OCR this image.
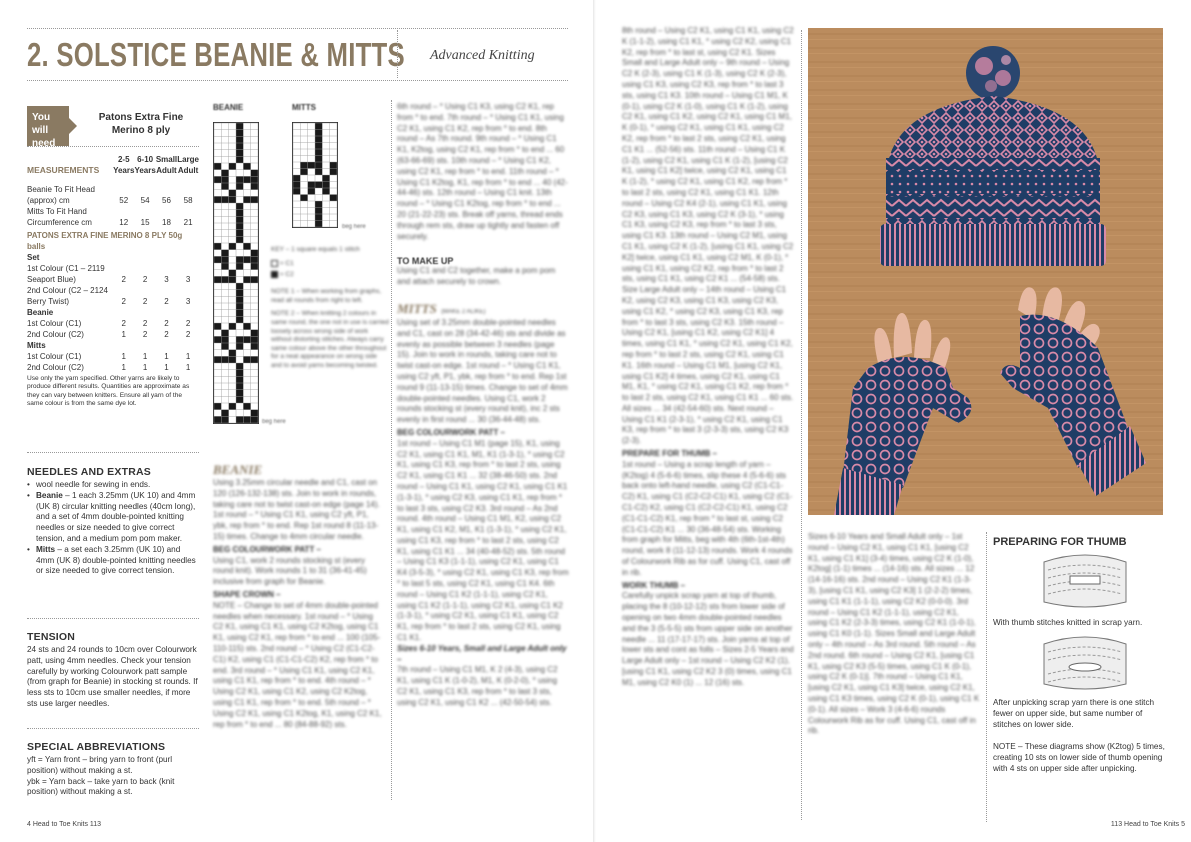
2. SOLSTICE BEANIE & MITTS Advanced Knitting
You will need
Patons Extra Fine Merino 8 ply
MEASUREMENTS	2-5 Years	6-10 Years	Small Adult	Large Adult

Beanie To Fit Head (approx) cm	52	54	56	58
Mitts To Fit Hand Circumference cm	12	15	18	21
PATONS EXTRA FINE MERINO 8 PLY 50g balls				
Set				
1st Colour (C1 – 2119 Seaport Blue)	2	2	3	3
2nd Colour (C2 – 2124 Berry Twist)	2	2	2	3
Beanie				
1st Colour (C1)	2	2	2	2
2nd Colour (C2)	1	2	2	2
Mitts				
1st Colour (C1)	1	1	1	1
2nd Colour (C2)	1	1	1	1
Use only the yarn specified. Other yarns are likely to produce different results. Quantities are approximate as they can vary between knitters. Ensure all yarn of the same colour is from the same dye lot.
NEEDLES AND EXTRAS
• wool needle for sewing in ends.
• Beanie – 1 each 3.25mm (UK 10) and 4mm (UK 8) circular knitting needles (40cm long), and a set of 4mm double-pointed knitting needles or size needed to give correct tension, and a medium pom pom maker.
• Mitts – a set each 3.25mm (UK 10) and 4mm (UK 8) double-pointed knitting needles or size needed to give correct tension.
TENSION
24 sts and 24 rounds to 10cm over Colourwork patt, using 4mm needles. Check your tension carefully by working Colourwork patt sample (from graph for Beanie) in stocking st rounds. If less sts to 10cm use smaller needles, if more sts use larger needles.
SPECIAL ABBREVIATIONS
yft = Yarn front – bring yarn to front (purl position) without making a st.
ybk = Yarn back – take yarn to back (knit position) without making a st.
BEANIE	MITTS
beg here
beg here
KEY – 1 square equals 1 stitch
= C1
= C2
NOTE 1 – When working from graphs, read all rounds from right to left.
NOTE 2 – When knitting 2 colours in same round, the one not in use is carried loosely across wrong side of work without distorting stitches. Always carry same colour above the other throughout for a neat appearance on wrong side and to avoid yarns becoming twisted.
BEANIE
Using 3.25mm circular needle and C1, cast on 120 (126-132-138) sts. Join to work in rounds, taking care not to twist cast-on edge (page 14). 1st round – * Using C1 K1, using C2 yft, P1, ybk, rep from * to end. Rep 1st round 8 (11-13-15) times. Change to 4mm circular needle.
BEG COLOURWORK PATT –
Using C1, work 2 rounds stocking st (every round knit). Work rounds 1 to 31 (36-41-45) inclusive from graph for Beanie.
SHAPE CROWN –
NOTE – Change to set of 4mm double-pointed needles when necessary. 1st round – * Using C2 K1, using C1 K1, using C2 K2tog, using C1 K1, using C2 K1, rep from * to end ... 100 (105-110-115) sts. 2nd round – * Using C2 (C1-C2-C1) K2, using C1 (C1-C1-C2) K2, rep from * to end. 3rd round – * Using C1 K1, using C2 K1, using C1 K1, rep from * to end. 4th round – * Using C2 K1, using C1 K2, using C2 K2tog, using C1 K1, rep from * to end. 5th round – * Using C2 K1, using C1 K2tog, K1, using C2 K1, rep from * to end ... 80 (84-88-92) sts.
6th round – * Using C1 K3, using C2 K1, rep from * to end. 7th round – * Using C1 K1, using C2 K1, using C1 K2, rep from * to end. 8th round – As 7th round. 9th round – * Using C1 K1, K2tog, using C2 K1, rep from * to end ... 60 (63-66-69) sts. 10th round – * Using C1 K2, using C2 K1, rep from * to end. 11th round – * Using C1 K2tog, K1, rep from * to end ... 40 (42-44-46) sts. 12th round – Using C1 knit. 13th round – * Using C1 K2tog, rep from * to end ... 20 (21-22-23) sts. Break off yarns, thread ends through rem sts, draw up tightly and fasten off securely.
TO MAKE UP
Using C1 and C2 together, make a pom pom and attach securely to crown.
MITTS (MAKE 2 ALIKE)
Using set of 3.25mm double-pointed needles and C1, cast on 28 (34-42-46) sts and divide as evenly as possible between 3 needles (page 15). Join to work in rounds, taking care not to twist cast-on edge. 1st round – * Using C1 K1, using C2 yft, P1, ybk, rep from * to end. Rep 1st round 9 (11-13-15) times. Change to set of 4mm double-pointed needles. Using C1, work 2 rounds stocking st (every round knit), inc 2 sts evenly in first round ... 30 (36-44-48) sts.
BEG COLOURWORK PATT –
1st round – Using C1 M1 (page 15), K1, using C2 K1, using C1 K1, M1, K1 (1-3-1), * using C2 K1, using C1 K3, rep from * to last 2 sts, using C2 K1, using C1 K1 ... 32 (38-46-50) sts. 2nd round – Using C1 K1, using C2 K1, using C1 K1 (1-3-1), * using C2 K3, using C1 K1, rep from * to last 3 sts, using C2 K3. 3rd round – As 2nd round. 4th round – Using C1 M1, K2, using C2 K1, using C1 K2, M1, K1 (1-3-1), * using C2 K1, using C1 K3, rep from * to last 2 sts, using C2 K1, using C1 K1 ... 34 (40-48-52) sts. 5th round – Using C1 K3 (1-1-1), using C2 K1, using C1 K4 (3-5-3), * using C2 K1, using C1 K3, rep from * to last 5 sts, using C2 K1, using C1 K4. 6th round – Using C1 K2 (1-1-1), using C2 K1, using C1 K2 (1-1-1), using C2 K1, using C1 K2 (1-3-1), * using C2 K1, using C1 K1, using C2 K1, rep from * to last 2 sts, using C2 K1, using C1 K1.
Sizes 6-10 Years, Small and Large Adult only –
7th round – Using C1 M1, K 2 (4-3), using C2 K1, using C1 K (1-0-2), M1, K (0-2-0), * using C2 K1, using C1 K3, rep from * to last 3 sts, using C2 K1, using C1 K2 ... (42-50-54) sts.
4 Head to Toe Knits 113
8th round – Using C2 K1, using C1 K1, using C2 K (1-1-2), using C1 K1, * using C2 K2, using C1 K2, rep from * to last st, using C2 K1. Sizes Small and Large Adult only – 9th round – Using C2 K (2-3), using C1 K (1-3), using C2 K (2-3), using C1 K3, using C2 K3, rep from * to last 3 sts, using C1 K3. 10th round – Using C1 M1, K (0-1), using C2 K (1-0), using C1 K (1-2), using C2 K1, using C1 K2, using C2 K1, using C1 M1, K (0-1), * using C2 K1, using C1 K1, using C2 K2, rep from * to last 2 sts, using C2 K1, using C1 K1 ... (52-56) sts. 11th round – Using C1 K (1-2), using C2 K1, using C1 K (1-2), [using C2 K1, using C1 K2] twice, using C2 K1, using C1 K (1-2), * using C2 K1, using C1 K2, rep from * to last 2 sts, using C2 K1, using C1 K1. 12th round – Using C2 K4 (2-1), using C1 K1, using C2 K3, using C1 K3, using C2 K (3-1), * using C1 K3, using C2 K3, rep from * to last 3 sts, using C1 K3. 13th round – Using C2 M1, using C1 K1, using C2 K (1-2), [using C1 K1, using C2 K2] twice, using C1 K1, using C2 M1, K (0-1), * using C1 K1, using C2 K2, rep from * to last 2 sts, using C1 K1, using C2 K1 ... (54-58) sts. Size Large Adult only – 14th round – Using C1 K2, using C2 K3, using C1 K3, using C2 K3, using C1 K2, * using C2 K3, using C1 K3, rep from * to last 3 sts, using C2 K3. 15th round – Using C2 K1, [using C1 K2, using C2 K1] 4 times, using C1 K1, * using C2 K1, using C1 K2, rep from * to last 2 sts, using C2 K1, using C1 K1. 16th round – Using C1 M1, [using C2 K1, using C1 K2] 4 times, using C2 K1, using C1 M1, K1, * using C2 K1, using C1 K2, rep from * to last 2 sts, using C2 K1, using C1 K1 ... 60 sts. All sizes ... 34 (42-54-60) sts. Next round – Using C1 K1 (2-3-1), * using C2 K1, using C1 K3, rep from * to last 3 (2-3-3) sts, using C2 K3 (2-3).
PREPARE FOR THUMB –
1st round – Using a scrap length of yarn – (K2tog) 4 (5-6-6) times, slip these 4 (5-6-6) sts back onto left-hand needle, using C2 (C1-C1-C2) K1, using C1 (C2-C2-C1) K1, using C2 (C1-C1-C2) K2, using C1 (C2-C2-C1) K1, using C2 (C1-C1-C2) K1, rep from * to last st, using C2 (C1-C1-C2) K1 ... 30 (36-48-54) sts. Working from graph for Mitts, beg with 4th (6th-1st-4th) round, work 8 (11-12-13) rounds. Work 4 rounds of Colourwork Rib as for cuff. Using C1, cast off in rib.
WORK THUMB –
Carefully unpick scrap yarn at top of thumb, placing the 8 (10-12-12) sts from lower side of opening on two 4mm double-pointed needles and the 3 (5-5-5) sts from upper side on another needle ... 11 (17-17-17) sts. Join yarns at top of lower sts and cont as folls – Sizes 2-5 Years and Large Adult only – 1st round – Using C2 K2 (1), [using C1 K1, using C2 K2 3 (0) times, using C1 M1, using C2 K0 (1) ... 12 (16) sts.
Sizes 6-10 Years and Small Adult only – 1st round – Using C2 K1, using C1 K1, [using C2 K1, using C1 K1] (3-4) times, using C2 K (1-0), K2tog] (1-1) times ... (14-16) sts. All sizes ... 12 (14-16-16) sts. 2nd round – Using C2 K1 (1-3-3), [using C1 K1, using C2 K3] 1 (2-2-2) times, using C1 K1 (1-1-1), using C2 K2 (0-0-0). 3rd round – Using C1 K2 (1-1-1), using C2 K1, using C1 K2 (2-3-3) times, using C2 K1 (1-0-1), using C1 K0 (1-1). Sizes Small and Large Adult only – 4th round – As 3rd round. 5th round – As 2nd round. 6th round – Using C2 K1, [using C1 K1, using C2 K3 (5-5) times, using C1 K (0-1), using C2 K (0-1)]. 7th round – Using C1 K1, [using C2 K1, using C1 K3] twice, using C2 K1, using C1 K3 times, using C2 K (0-1), using C1 K (0-1). All sizes – Work 3 (4-6-6) rounds Colourwork Rib as for cuff. Using C1, cast off in rib.
113 Head to Toe Knits 5
PREPARING FOR THUMB
With thumb stitches knitted in scrap yarn.
After unpicking scrap yarn there is one stitch fewer on upper side, but same number of stitches on lower side.
NOTE – These diagrams show (K2tog) 5 times, creating 10 sts on lower side of thumb opening with 4 sts on upper side after unpicking.
